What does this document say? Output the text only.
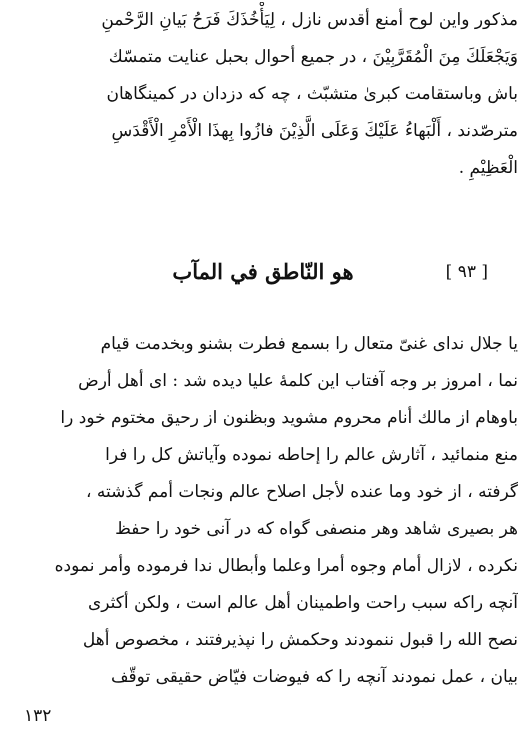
مذكور واين لوح أمنع أقدس نازل ، لِيَأْخُذَكَ فَرَحُ بَيانِ الرَّحْمنِ
وَيَجْعَلَكَ مِنَ الْمُقَرَّبِيْنَ ، در جميع أحوال بحبل عنايت متمسّك
باش وباستقامت كبرىٰ متشبّث ، چه كه دزدان در كمينگاهان
مترصّدند ، أَلْبَهاءُ عَلَيْكَ وَعَلَى الَّذِيْنَ فازُوا بِهذَا الْأَمْرِ الْأَقْدَسِ
الْعَظِيْمِ .
[ ٩٣ ]
هو النّاطق في المآب
يا جلال نداى غنىّ متعال را بسمع فطرت بشنو وبخدمت قيام
نما ، امروز بر وجه آفتاب اين كلمهٔ عليا ديده شد : اى أهل أرض
باوهام از مالك أنام محروم مشويد وبظنون از رحيق مختوم خود را
منع منمائيد ، آثارش عالم را إحاطه نموده وآياتش كل را فرا
گرفته ، از خود وما عنده لأجل اصلاح عالم ونجات أمم گذشته ،
هر بصيرى شاهد وهر منصفى گواه كه در آنى خود را حفظ
نكرده ، لازال أمام وجوه أمرا وعلما وأبطال ندا فرموده وأمر نموده
آنچه راكه سبب راحت واطمينان أهل عالم است ، ولكن أكثرى
نصح الله را قبول ننمودند وحكمش را نپذيرفتند ، مخصوص أهل
بيان ، عمل نمودند آنچه را كه فيوضات فيّاض حقيقى توقّف
١٣٢
